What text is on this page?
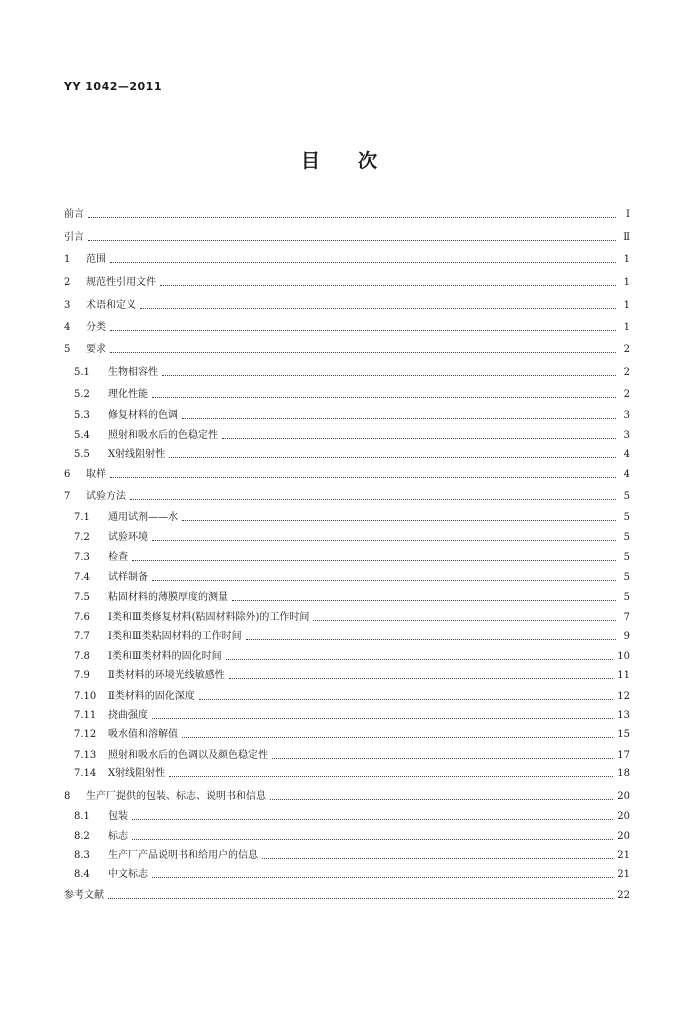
YY 1042—2011
目次
前言	Ⅰ
引言	Ⅱ
1	范围	1
2	规范性引用文件	1
3	术语和定义	1
4	分类	1
5	要求	2
5.1	生物相容性	2
5.2	理化性能	2
5.3	修复材料的色调	3
5.4	照射和吸水后的色稳定性	3
5.5	X射线阻射性	4
6	取样	4
7	试验方法	5
7.1	通用试剂——水	5
7.2	试验环境	5
7.3	检查	5
7.4	试样制备	5
7.5	粘固材料的薄膜厚度的测量	5
7.6	Ⅰ类和Ⅲ类修复材料(粘固材料除外)的工作时间	7
7.7	Ⅰ类和Ⅲ类粘固材料的工作时间	9
7.8	Ⅰ类和Ⅲ类材料的固化时间	10
7.9	Ⅱ类材料的环境光线敏感性	11
7.10	Ⅱ类材料的固化深度	12
7.11	挠曲强度	13
7.12	吸水值和溶解值	15
7.13	照射和吸水后的色调以及颜色稳定性	17
7.14	X射线阻射性	18
8	生产厂提供的包装、标志、说明书和信息	20
8.1	包装	20
8.2	标志	20
8.3	生产厂产品说明书和给用户的信息	21
8.4	中文标志	21
参考文献	22
